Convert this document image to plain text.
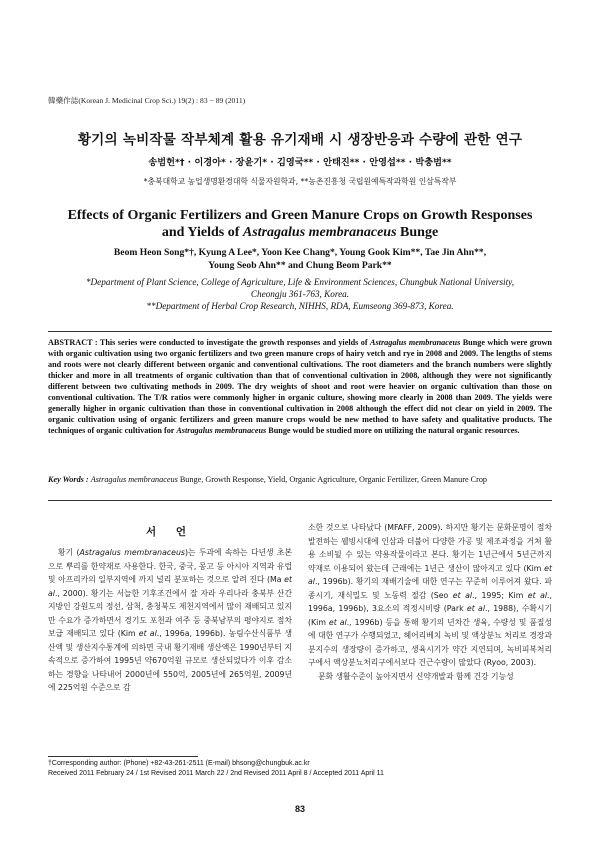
韓藥作誌(Korean J. Medicinal Crop Sci.) 19(2) : 83 − 89 (2011)
황기의 녹비작물 작부체계 활용 유기재배 시 생장반응과 수량에 관한 연구
송범헌*† · 이경아* · 장윤기* · 김영국** · 안태진** · 안영섭** · 박충범**
*충북대학교 농업생명환경대학 식물자원학과, **농촌진흥청 국립원예특작과학원 인삼특작부
Effects of Organic Fertilizers and Green Manure Crops on Growth Responses
and Yields of Astragalus membranaceus Bunge
Beom Heon Song*†, Kyung A Lee*, Yoon Kee Chang*, Young Gook Kim**, Tae Jin Ahn**,
Young Seob Ahn** and Chung Beom Park**
*Department of Plant Science, College of Agriculture, Life & Environment Sciences, Chungbuk National University,
Cheongju 361-763, Korea.
**Department of Herbal Crop Research, NIHHS, RDA, Eumseong 369-873, Korea.
ABSTRACT : This series were conducted to investigate the growth responses and yields of Astragalus membranaceus Bunge which were grown with organic cultivation using two organic fertilizers and two green manure crops of hairy vetch and rye in 2008 and 2009. The lengths of stems and roots were not clearly different between organic and conventional cultivations. The root diameters and the branch numbers were slightly thicker and more in all treatments of organic cultivation than that of conventional cultivation in 2008, although they were not significantly different between two cultivating methods in 2009. The dry weights of shoot and root were heavier on organic cultivation than those on conventional cultivation. The T/R ratios were commonly higher in organic culture, showing more clearly in 2008 than 2009. The yields were generally higher in organic cultivation than those in conventional cultivation in 2008 although the effect did not clear on yield in 2009. The organic cultivation using of organic fertilizers and green manure crops would be new method to have safety and qualitative products. The techniques of organic cultivation for Astragalus membranaceus Bunge would be studied more on utilizing the natural organic resources.
Key Words : Astragalus membranaceus Bunge, Growth Response, Yield, Organic Agriculture, Organic Fertilizer, Green Manure Crop
서 언

황기 (Astragalus membranaceus)는 두과에 속하는 다년생 초본으로 뿌리를 한약재로 사용한다. 한국, 중국, 몽고 등 아시아 지역과 유럽 및 아프리카의 일부지역에 까지 널리 분포하는 것으로 알려 진다 (Ma et al., 2000). 황기는 서늘한 기후조건에서 잘 자라 우리나라 충북부 산간지방인 강원도의 정선, 삼척, 충청북도 제천지역에서 많이 재배되고 있지만 수요가 증가하면서 경기도 포천과 여주 등 중북남부의 평야지로 점차 보급 재배되고 있다 (Kim et al., 1996a, 1996b). 농림수산식품부 생산액 및 생산지수통계에 의하면 국내 황기재배 생산액은 1990년부터 지속적으로 증가하여 1995년 약670억원 규모로 생산되었다가 이후 감소하는 경향을 나타내어 2000년에 550억, 2005년에 265억원, 2009년에 225억원 수준으로 감

소한 것으로 나타났다 (MFAFF, 2009). 하지만 황기는 문화문명이 점차 발전하는 웰빙시대에 인삼과 더불어 다양한 가공 및 제조과정을 거쳐 활용 소비될 수 있는 약용작물이라고 본다. 황기는 1년근에서 5년근까지 약재로 이용되어 왔는데 근래에는 1년근 생산이 많아지고 있다 (Kim et al., 1996b). 황기의 재배기술에 대한 연구는 꾸준히 이루어져 왔다. 파종시기, 재식밀도 및 노동력 절감 (Seo et al., 1995; Kim et al., 1996a, 1996b), 3요소의 적정시비량 (Park et al., 1988), 수확시기 (Kim et al., 1996b) 등을 통해 황기의 년차간 생육, 수량성 및 품질성에 대한 연구가 수행되었고, 헤어리베치 녹비 및 액상분뇨 처리로 경장과 분지수의 생장량이 증가하고, 생육시기가 약간 지연되며, 녹비피복처리구에서 액상분뇨처리구에서보다 건근수량이 많았다 (Ryoo, 2003).

문화 생활수준이 높아지면서 신약개발과 함께 건강 기능성

†Corresponding author: (Phone) +82-43-261-2511 (E-mail) bhsong@chungbuk.ac.kr
Received 2011 February 24 / 1st Revised 2011 March 22 / 2nd Revised 2011 April 8 / Accepted 2011 April 11
83
